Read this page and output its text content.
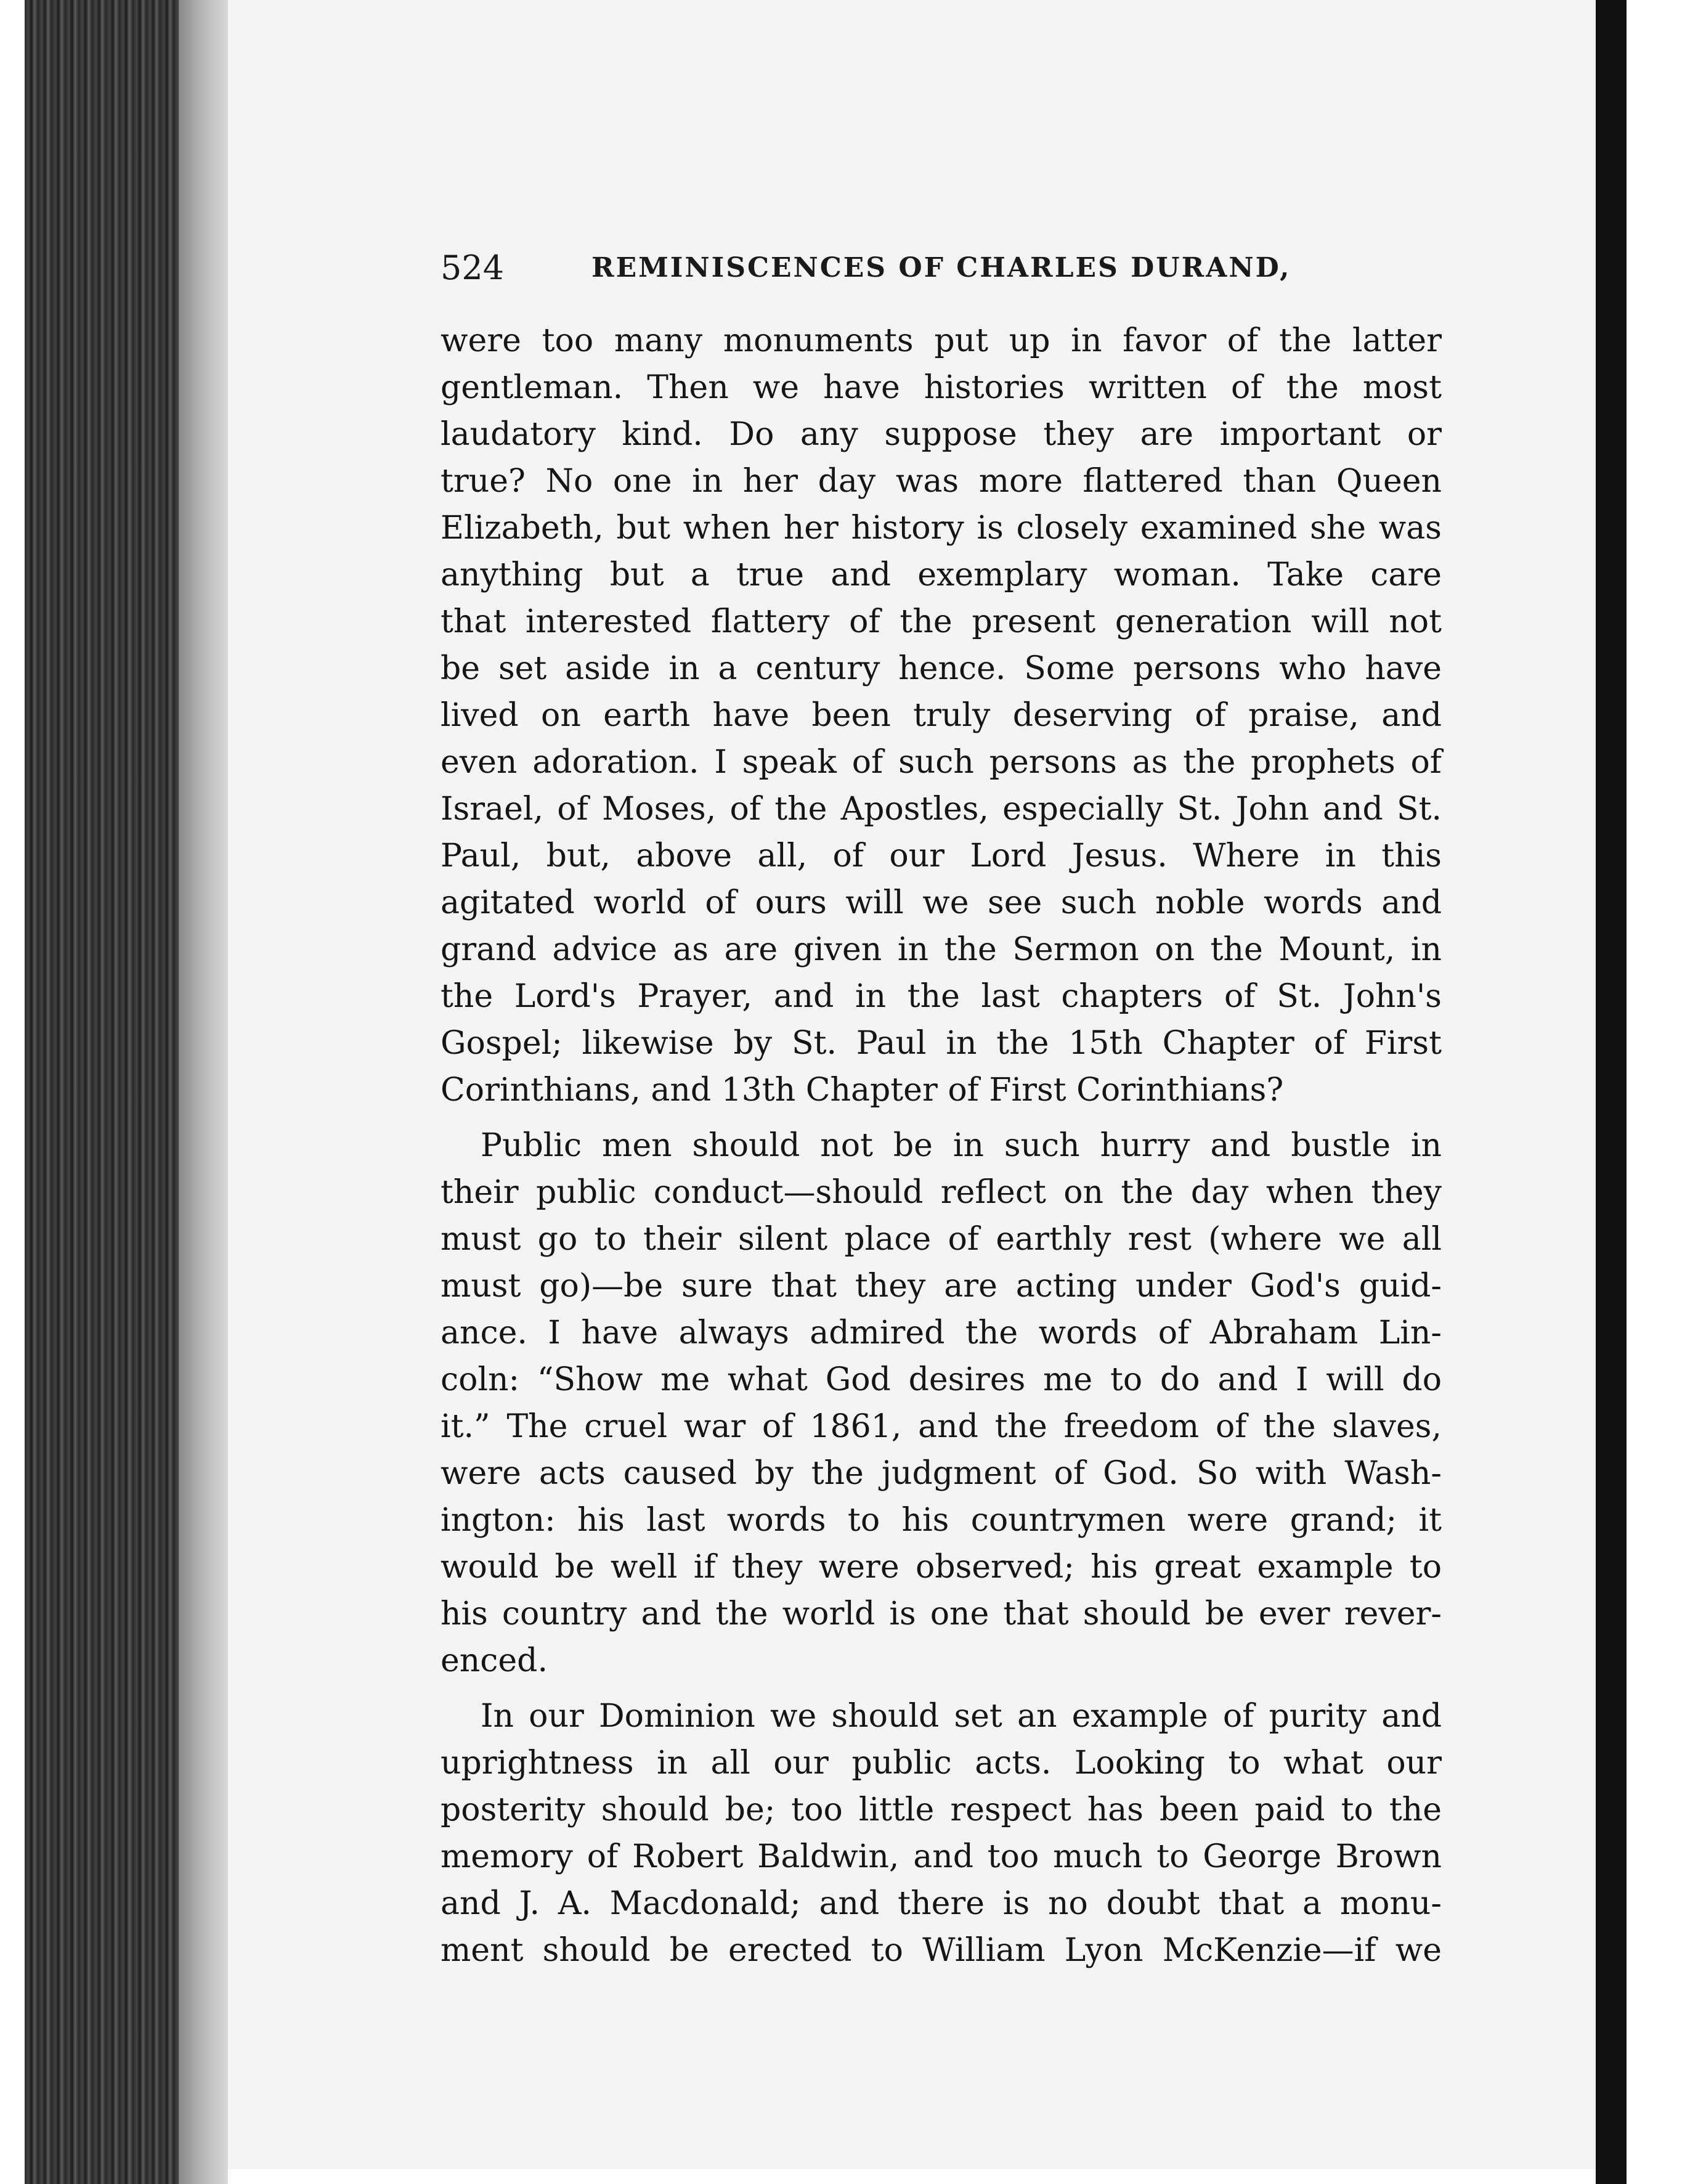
524	REMINISCENCES OF CHARLES DURAND,

were too many monuments put up in favor of the latter
gentleman. Then we have histories written of the most
laudatory kind. Do any suppose they are important or
true? No one in her day was more flattered than Queen
Elizabeth, but when her history is closely examined she was
anything but a true and exemplary woman. Take care
that interested flattery of the present generation will not
be set aside in a century hence. Some persons who have
lived on earth have been truly deserving of praise, and
even adoration. I speak of such persons as the prophets of
Israel, of Moses, of the Apostles, especially St. John and St.
Paul, but, above all, of our Lord Jesus. Where in this
agitated world of ours will we see such noble words and
grand advice as are given in the Sermon on the Mount, in
the Lord's Prayer, and in the last chapters of St. John's
Gospel; likewise by St. Paul in the 15th Chapter of First
Corinthians, and 13th Chapter of First Corinthians?

Public men should not be in such hurry and bustle in
their public conduct—should reflect on the day when they
must go to their silent place of earthly rest (where we all
must go)—be sure that they are acting under God's guid-
ance. I have always admired the words of Abraham Lin-
coln: “Show me what God desires me to do and I will do
it.” The cruel war of 1861, and the freedom of the slaves,
were acts caused by the judgment of God. So with Wash-
ington: his last words to his countrymen were grand; it
would be well if they were observed; his great example to
his country and the world is one that should be ever rever-
enced.

In our Dominion we should set an example of purity and
uprightness in all our public acts. Looking to what our
posterity should be; too little respect has been paid to the
memory of Robert Baldwin, and too much to George Brown
and J. A. Macdonald; and there is no doubt that a monu-
ment should be erected to William Lyon McKenzie—if we
